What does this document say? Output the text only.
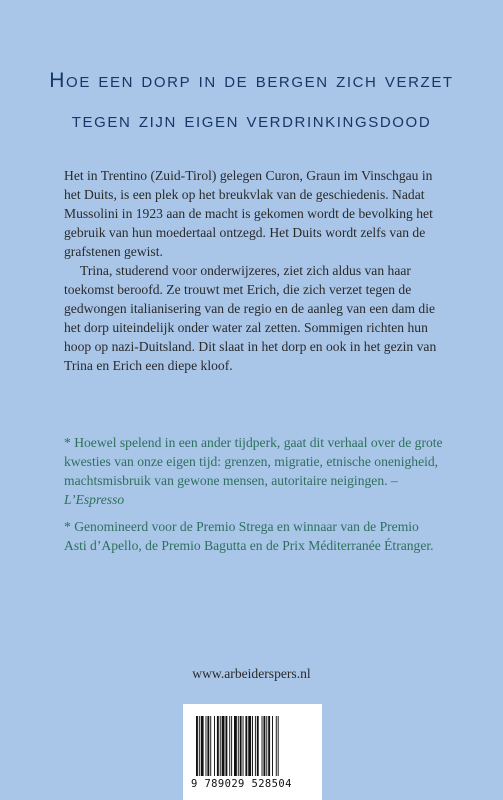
Hoe een dorp in de bergen zich verzet
tegen zijn eigen verdrinkingsdood

Het in Trentino (Zuid-Tirol) gelegen Curon, Graun im Vinschgau in het Duits, is een plek op het breukvlak van de geschiedenis. Nadat Mussolini in 1923 aan de macht is gekomen wordt de bevolking het gebruik van hun moedertaal ontzegd. Het Duits wordt zelfs van de grafstenen gewist.

Trina, studerend voor onderwijzeres, ziet zich aldus van haar toekomst beroofd. Ze trouwt met Erich, die zich verzet tegen de gedwongen italianisering van de regio en de aanleg van een dam die het dorp uiteindelijk onder water zal zetten. Sommigen richten hun hoop op nazi-Duitsland. Dit slaat in het dorp en ook in het gezin van Trina en Erich een diepe kloof.

* Hoewel spelend in een ander tijdperk, gaat dit verhaal over de grote kwesties van onze eigen tijd: grenzen, migratie, etnische onenigheid, machtsmisbruik van gewone mensen, autoritaire neigingen. – L’Espresso

* Genomineerd voor de Premio Strega en winnaar van de Premio Asti d’Apello, de Premio Bagutta en de Prix Méditerranée Étranger.

www.arbeiderspers.nl
9 789029 528504
